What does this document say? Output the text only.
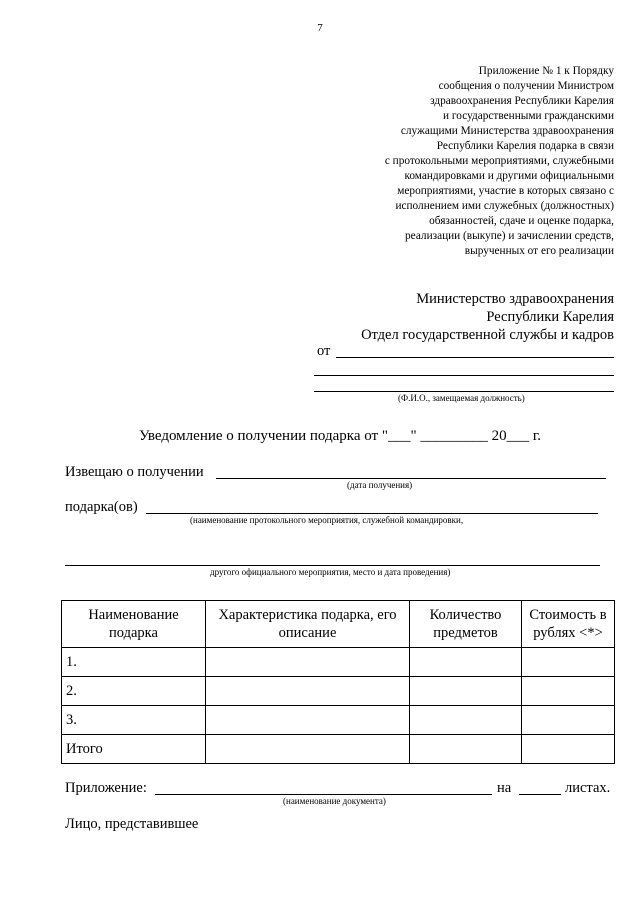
7
Приложение № 1 к Порядку
сообщения о получении Министром
здравоохранения Республики Карелия
и государственными гражданскими
служащими Министерства здравоохранения
Республики Карелия подарка в связи
с протокольными мероприятиями, служебными
командировками и другими официальными
мероприятиями, участие в которых связано с
исполнением ими служебных (должностных)
обязанностей, сдаче и оценке подарка,
реализации (выкупе) и зачислении средств,
вырученных от его реализации
Министерство здравоохранения
Республики Карелия
Отдел государственной службы и кадров
от
(Ф.И.О., замещаемая должность)
Уведомление о получении подарка от "___" _________ 20___ г.
Извещаю о получении
(дата получения)
подарка(ов)
(наименование протокольного мероприятия, служебной командировки,
другого официального мероприятия, место и дата проведения)
Наименование подарка	Характеристика подарка, его описание	Количество предметов	Стоимость в рублях <*>
1.			
2.			
3.			
Итого			
Приложение:
(наименование документа)
на	листах.
Лицо, представившее
